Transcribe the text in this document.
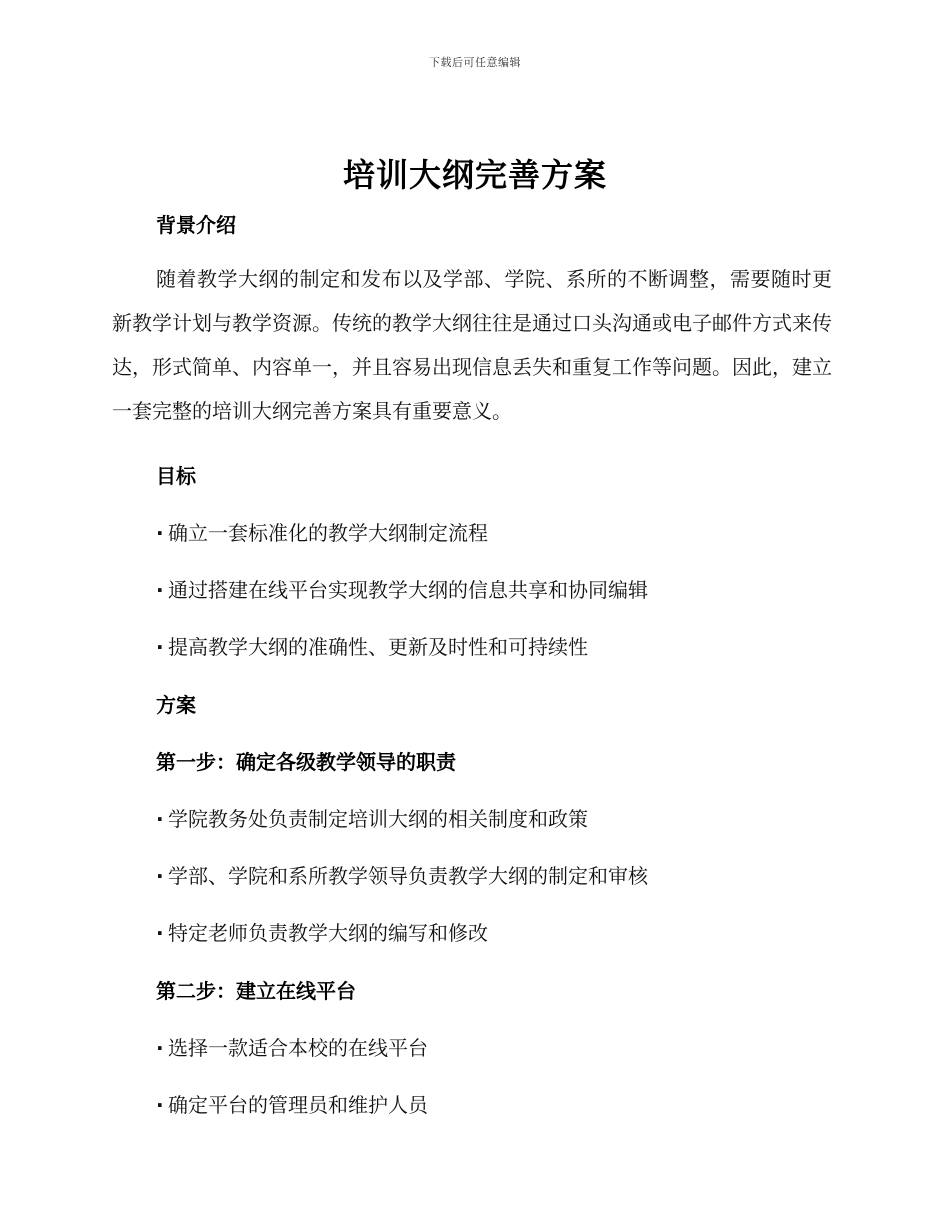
下载后可任意编辑
培训大纲完善方案
背景介绍
随着教学大纲的制定和发布以及学部、学院、系所的不断调整，需要随时更新教学计划与教学资源。传统的教学大纲往往是通过口头沟通或电子邮件方式来传达，形式简单、内容单一，并且容易出现信息丢失和重复工作等问题。因此，建立一套完整的培训大纲完善方案具有重要意义。
目标
· 确立一套标准化的教学大纲制定流程
· 通过搭建在线平台实现教学大纲的信息共享和协同编辑
· 提高教学大纲的准确性、更新及时性和可持续性
方案
第一步：确定各级教学领导的职责
· 学院教务处负责制定培训大纲的相关制度和政策
· 学部、学院和系所教学领导负责教学大纲的制定和审核
· 特定老师负责教学大纲的编写和修改
第二步：建立在线平台
· 选择一款适合本校的在线平台
· 确定平台的管理员和维护人员
